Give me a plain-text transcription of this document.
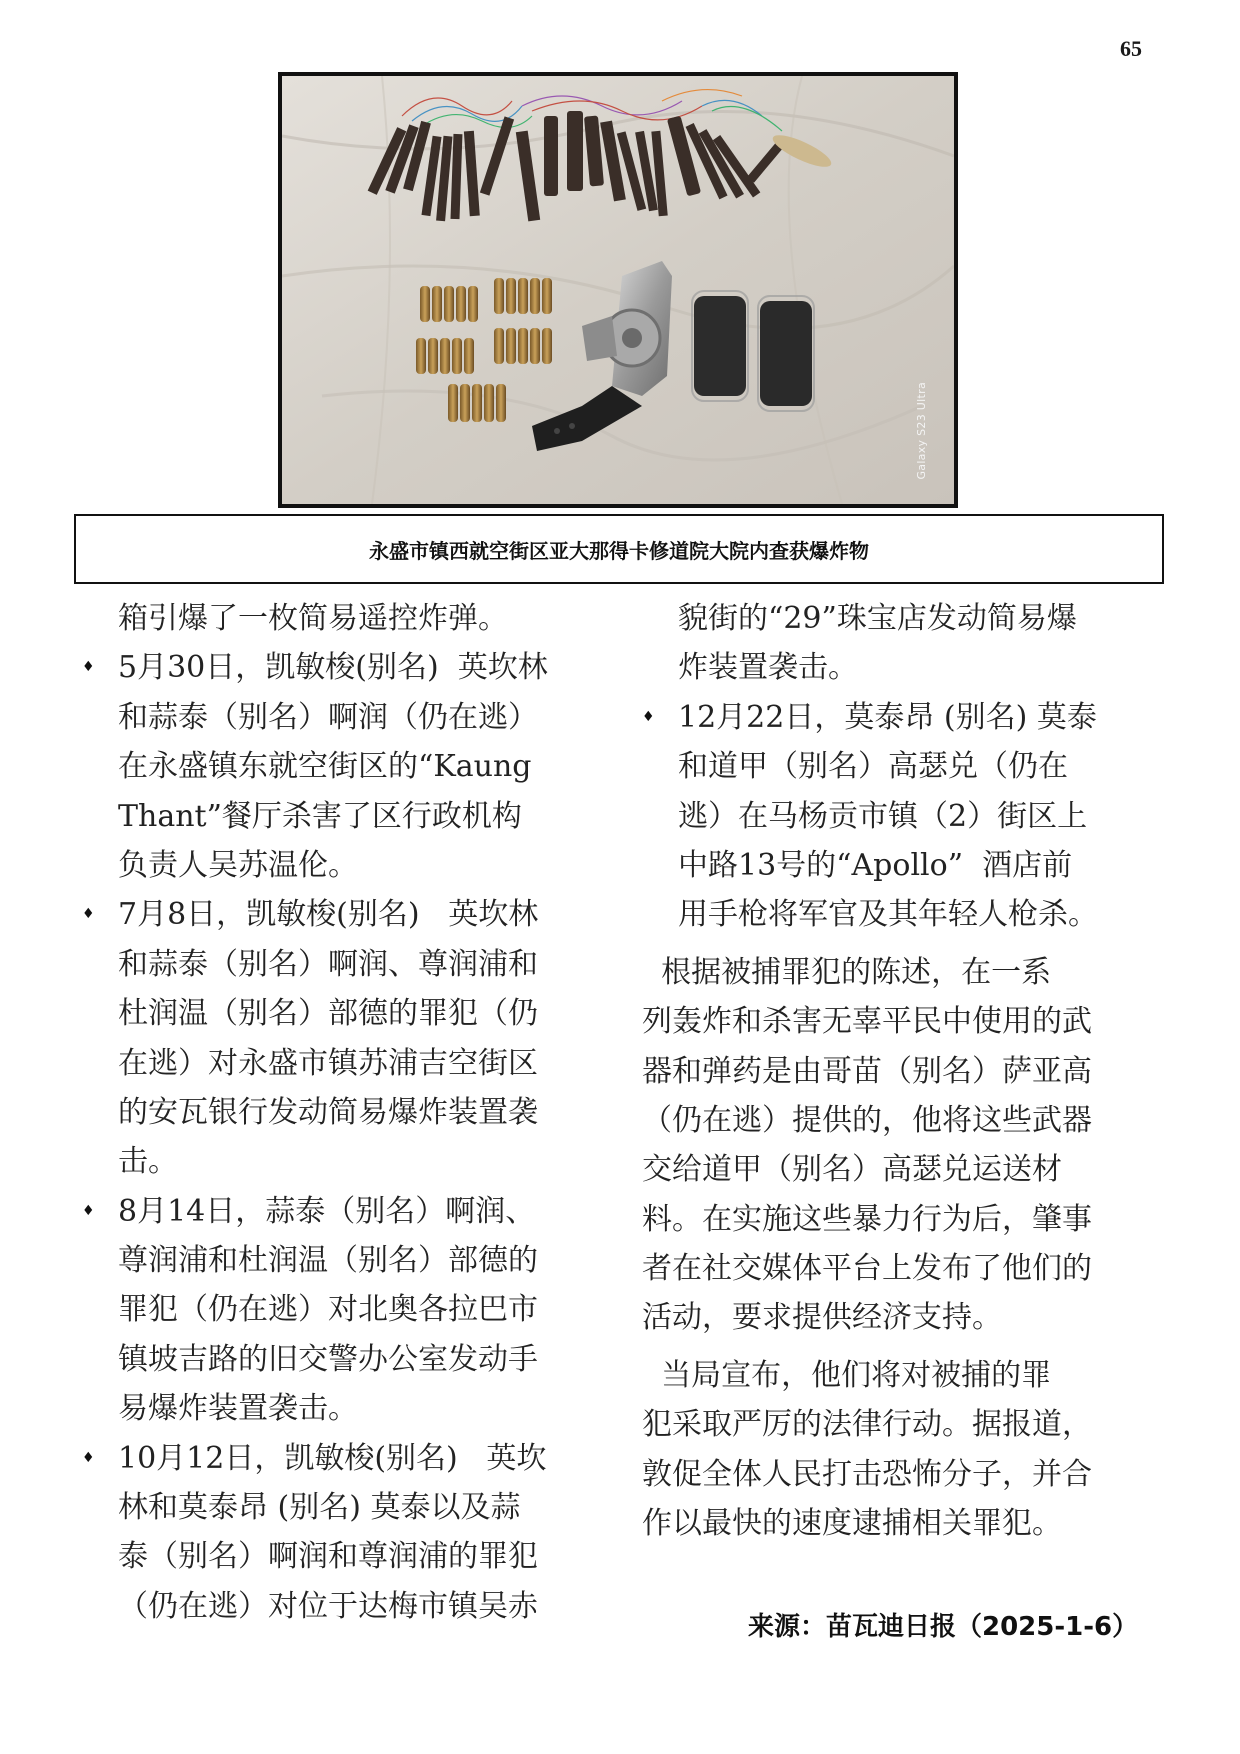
65
Galaxy S23 Ultra
永盛市镇西就空街区亚大那得卡修道院大院内查获爆炸物
箱引爆了一枚简易遥控炸弹。
♦ 5月30日，凯敏梭(别名)  英坎林
和蒜泰（别名）啊润（仍在逃）
在永盛镇东就空街区的“Kaung
Thant”餐厅杀害了区行政机构
负责人吴苏温伦。
♦ 7月8日，凯敏梭(别名)   英坎林
和蒜泰（别名）啊润、尊润浦和
杜润温（别名）部德的罪犯（仍
在逃）对永盛市镇苏浦吉空街区
的安瓦银行发动简易爆炸装置袭
击。
♦ 8月14日，蒜泰（别名）啊润、
尊润浦和杜润温（别名）部德的
罪犯（仍在逃）对北奥各拉巴市
镇坡吉路的旧交警办公室发动手
易爆炸装置袭击。
♦ 10月12日，凯敏梭(别名)   英坎
林和莫泰昂 (别名) 莫泰以及蒜
泰（别名）啊润和尊润浦的罪犯
（仍在逃）对位于达梅市镇吴赤
貌街的“29”珠宝店发动简易爆
炸装置袭击。
♦ 12月22日，莫泰昂 (别名) 莫泰
和道甲（别名）高瑟兑（仍在
逃）在马杨贡市镇（2）街区上
中路13号的“Apollo”  酒店前
用手枪将军官及其年轻人枪杀。
根据被捕罪犯的陈述，在一系
列轰炸和杀害无辜平民中使用的武
器和弹药是由哥苗（别名）萨亚高
（仍在逃）提供的，他将这些武器
交给道甲（别名）高瑟兑运送材
料。在实施这些暴力行为后，肇事
者在社交媒体平台上发布了他们的
活动，要求提供经济支持。
当局宣布，他们将对被捕的罪
犯采取严厉的法律行动。据报道，
敦促全体人民打击恐怖分子，并合
作以最快的速度逮捕相关罪犯。
来源：苗瓦迪日报（2025-1-6）
